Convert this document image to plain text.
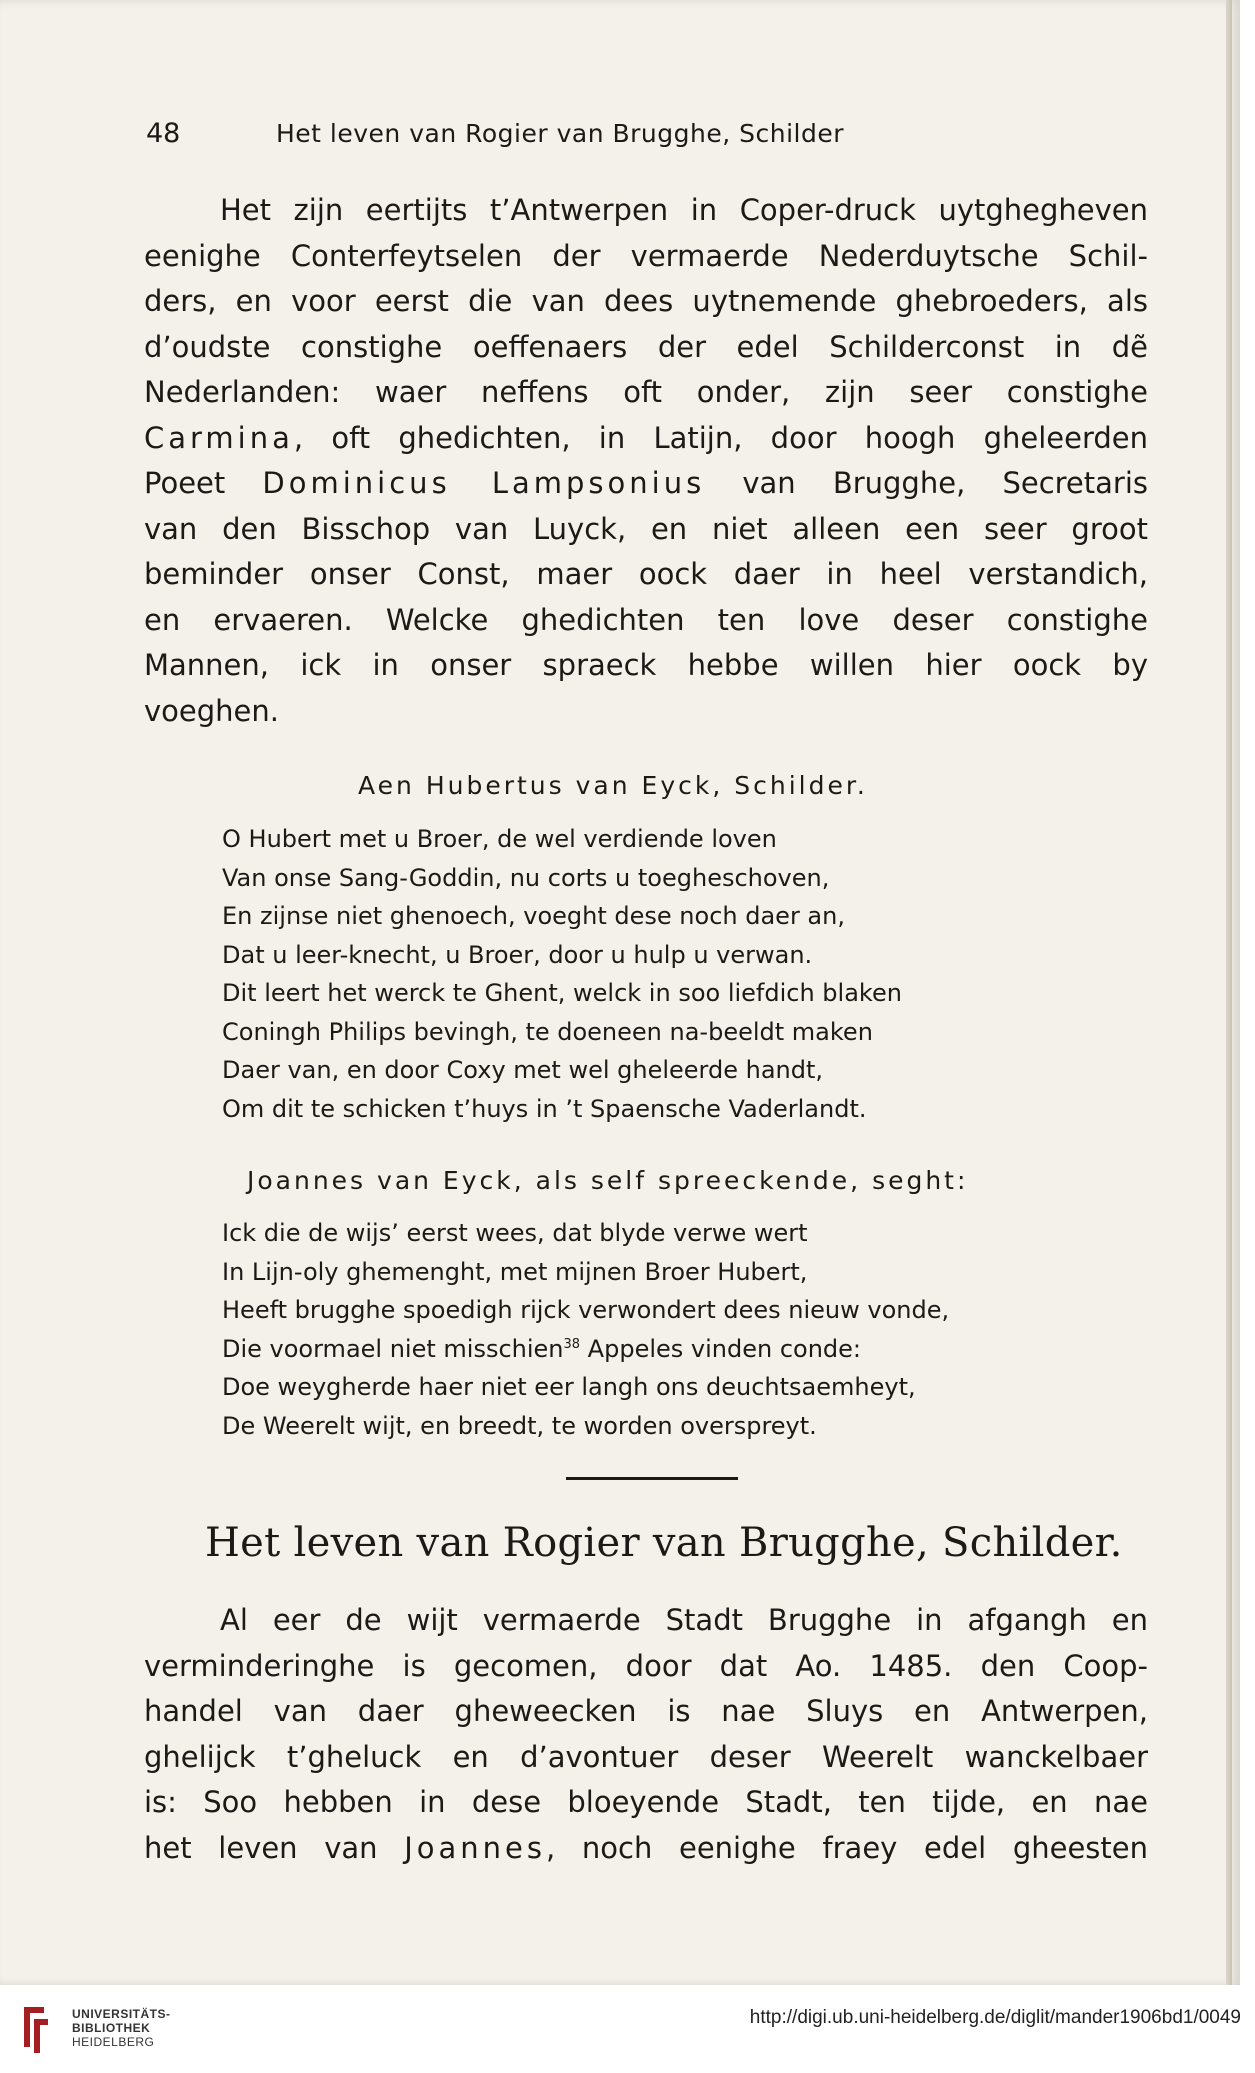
48	Het leven van Rogier van Brugghe, Schilder
Het zijn eertijts t’Antwerpen in Coper-druck uytghegheven
eenighe Conterfeytselen der vermaerde Nederduytsche Schil-
ders, en voor eerst die van dees uytnemende ghebroeders, als
d’oudste constighe oeffenaers der edel Schilderconst in dẽ
Nederlanden: waer neffens oft onder, zijn seer constighe
Carmina, oft ghedichten, in Latijn, door hoogh gheleerden
Poeet Dominicus Lampsonius van Brugghe, Secretaris
van den Bisschop van Luyck, en niet alleen een seer groot
beminder onser Const, maer oock daer in heel verstandich,
en ervaeren. Welcke ghedichten ten love deser constighe
Mannen, ick in onser spraeck hebbe willen hier oock by
voeghen.
Aen Hubertus van Eyck, Schilder.
O Hubert met u Broer, de wel verdiende loven
Van onse Sang-Goddin, nu corts u toegheschoven,
En zijnse niet ghenoech, voeght dese noch daer an,
Dat u leer-knecht, u Broer, door u hulp u verwan.
Dit leert het werck te Ghent, welck in soo liefdich blaken
Coningh Philips bevingh, te doeneen na-beeldt maken
Daer van, en door Coxy met wel gheleerde handt,
Om dit te schicken t’huys in ’t Spaensche Vaderlandt.
Joannes van Eyck, als self spreeckende, seght:
Ick die de wijs’ eerst wees, dat blyde verwe wert
In Lijn-oly ghemenght, met mijnen Broer Hubert,
Heeft brugghe spoedigh rijck verwondert dees nieuw vonde,
Die voormael niet misschien$^{38}$ Appeles vinden conde:
Doe weygherde haer niet eer langh ons deuchtsaemheyt,
De Weerelt wijt, en breedt, te worden overspreyt.
Het leven van Rogier van Brugghe, Schilder.
Al eer de wijt vermaerde Stadt Brugghe in afgangh en
verminderinghe is gecomen, door dat Ao. 1485. den Coop-
handel van daer gheweecken is nae Sluys en Antwerpen,
ghelijck t’gheluck en d’avontuer deser Weerelt wanckelbaer
is: Soo hebben in dese bloeyende Stadt, ten tijde, en nae
het leven van Joannes, noch eenighe fraey edel gheesten
UNIVERSITÄTS-
BIBLIOTHEK
HEIDELBERG
http://digi.ub.uni-heidelberg.de/diglit/mander1906bd1/0049
